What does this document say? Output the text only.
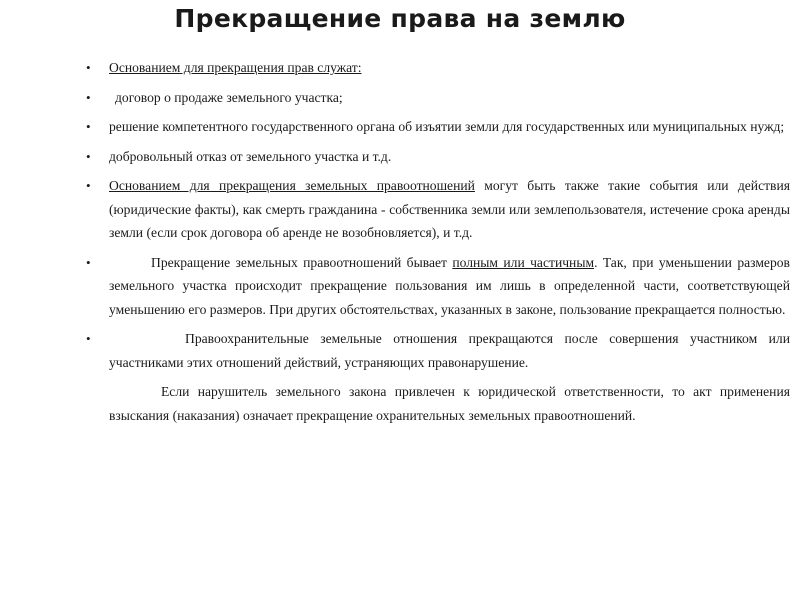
Прекращение права на землю
• Основанием для прекращения прав служат:
• договор о продаже земельного участка;
• решение компетентного государственного органа об изъятии земли для государственных или муниципальных нужд;
• добровольный отказ от земельного участка и т.д.
• Основанием для прекращения земельных правоотношений могут быть также такие события или действия (юридические факты), как смерть гражданина - собственника земли или землепользователя, истечение срока аренды земли (если срок договора об аренде не возобновляется), и т.д.
•	Прекращение земельных правоотношений бывает полным или частичным. Так, при уменьшении размеров земельного участка происходит прекращение пользования им лишь в определенной части, соответствующей уменьшению его размеров. При других обстоятельствах, указанных в законе, пользование прекращается полностью.
•	Правоохранительные земельные отношения прекращаются после совершения участником или участниками этих отношений действий, устраняющих правонарушение.
Если нарушитель земельного закона привлечен к юридической ответственности, то акт применения взыскания (наказания) означает прекращение охранительных земельных правоотношений.
